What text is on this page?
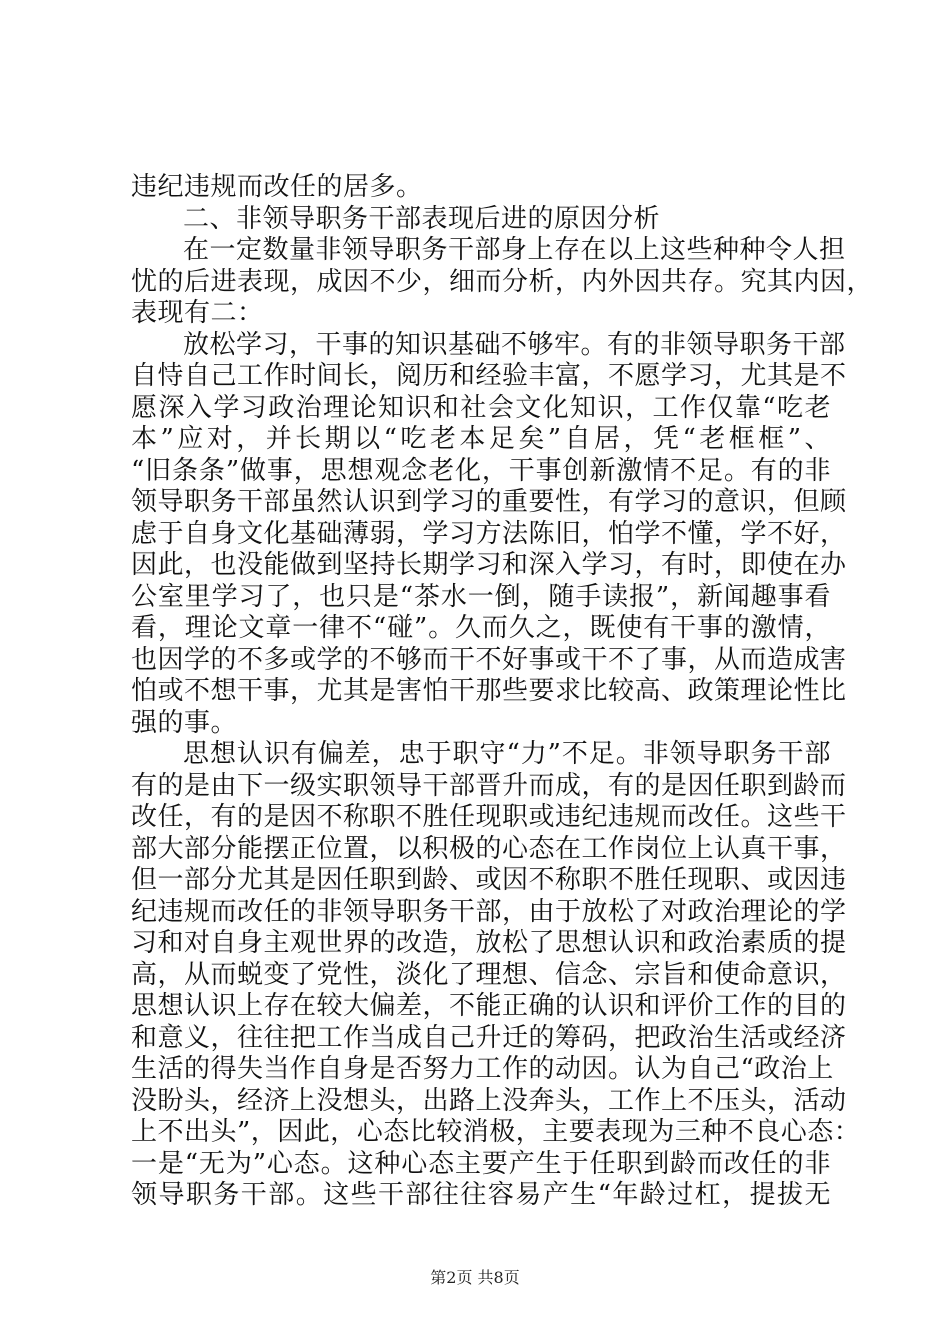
违纪违规而改任的居多。
二、非领导职务干部表现后进的原因分析
在一定数量非领导职务干部身上存在以上这些种种令人担
忧的后进表现，成因不少，细而分析，内外因共存。究其内因，
表现有二：
放松学习，干事的知识基础不够牢。有的非领导职务干部
自恃自己工作时间长，阅历和经验丰富，不愿学习，尤其是不
愿深入学习政治理论知识和社会文化知识，工作仅靠“吃老
本”应对，并长期以“吃老本足矣”自居，凭“老框框”、
“旧条条”做事，思想观念老化，干事创新激情不足。有的非
领导职务干部虽然认识到学习的重要性，有学习的意识，但顾
虑于自身文化基础薄弱，学习方法陈旧，怕学不懂，学不好，
因此，也没能做到坚持长期学习和深入学习，有时，即使在办
公室里学习了，也只是“茶水一倒，随手读报”，新闻趣事看
看，理论文章一律不“碰”。久而久之，既使有干事的激情，
也因学的不多或学的不够而干不好事或干不了事，从而造成害
怕或不想干事，尤其是害怕干那些要求比较高、政策理论性比
强的事。
思想认识有偏差，忠于职守“力”不足。非领导职务干部
有的是由下一级实职领导干部晋升而成，有的是因任职到龄而
改任，有的是因不称职不胜任现职或违纪违规而改任。这些干
部大部分能摆正位置，以积极的心态在工作岗位上认真干事，
但一部分尤其是因任职到龄、或因不称职不胜任现职、或因违
纪违规而改任的非领导职务干部，由于放松了对政治理论的学
习和对自身主观世界的改造，放松了思想认识和政治素质的提
高，从而蜕变了党性，淡化了理想、信念、宗旨和使命意识，
思想认识上存在较大偏差，不能正确的认识和评价工作的目的
和意义，往往把工作当成自己升迁的筹码，把政治生活或经济
生活的得失当作自身是否努力工作的动因。认为自己“政治上
没盼头，经济上没想头，出路上没奔头，工作上不压头，活动
上不出头”，因此，心态比较消极，主要表现为三种不良心态：
一是“无为”心态。这种心态主要产生于任职到龄而改任的非
领导职务干部。这些干部往往容易产生“年龄过杠，提拔无
第2页 共8页
